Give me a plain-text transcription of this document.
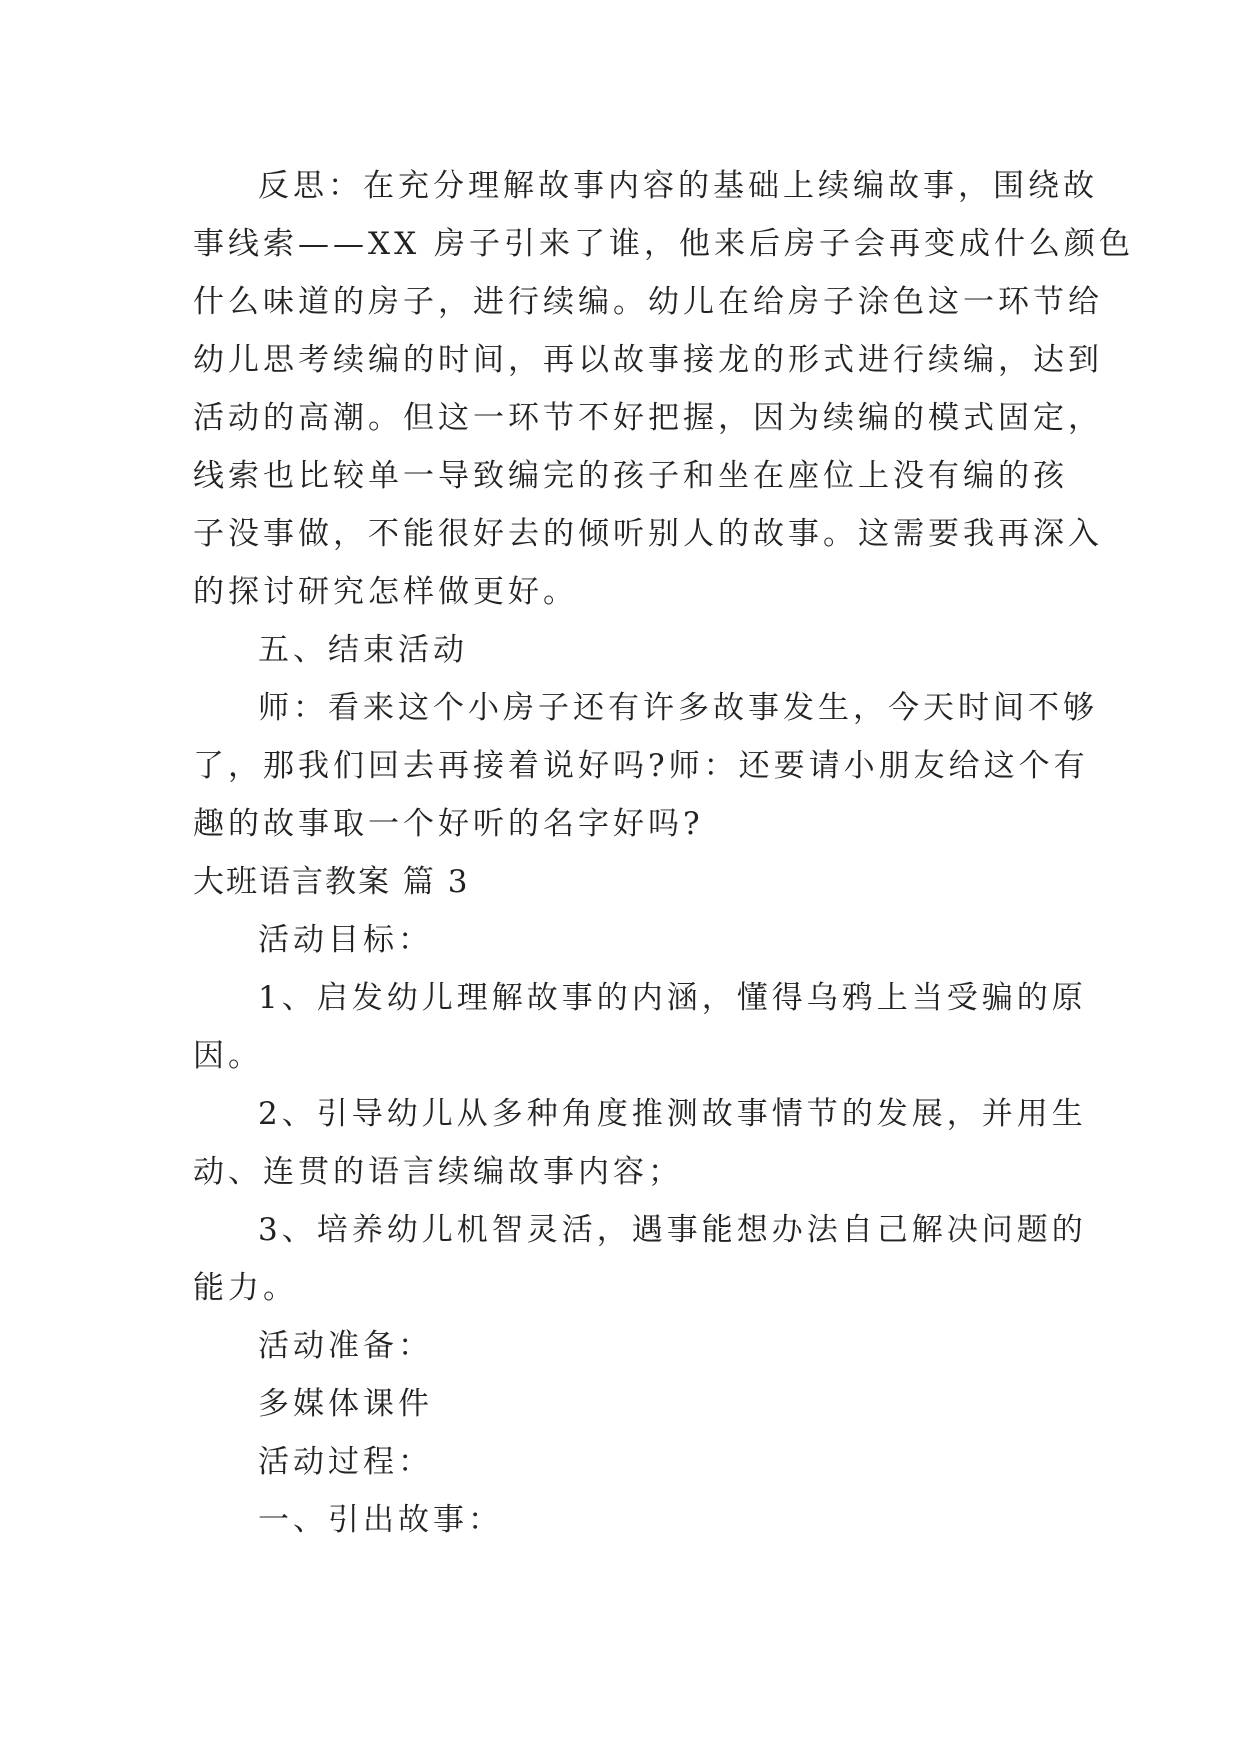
反思：在充分理解故事内容的基础上续编故事，围绕故
事线索——XX 房子引来了谁，他来后房子会再变成什么颜色
什么味道的房子，进行续编。幼儿在给房子涂色这一环节给
幼儿思考续编的时间，再以故事接龙的形式进行续编，达到
活动的高潮。但这一环节不好把握，因为续编的模式固定，
线索也比较单一导致编完的孩子和坐在座位上没有编的孩
子没事做，不能很好去的倾听别人的故事。这需要我再深入
的探讨研究怎样做更好。
五、结束活动
师：看来这个小房子还有许多故事发生，今天时间不够
了，那我们回去再接着说好吗?师：还要请小朋友给这个有
趣的故事取一个好听的名字好吗?
大班语言教案 篇 3
活动目标：
1、启发幼儿理解故事的内涵，懂得乌鸦上当受骗的原
因。
2、引导幼儿从多种角度推测故事情节的发展，并用生
动、连贯的语言续编故事内容；
3、培养幼儿机智灵活，遇事能想办法自己解决问题的
能力。
活动准备：
多媒体课件
活动过程：
一、引出故事：
